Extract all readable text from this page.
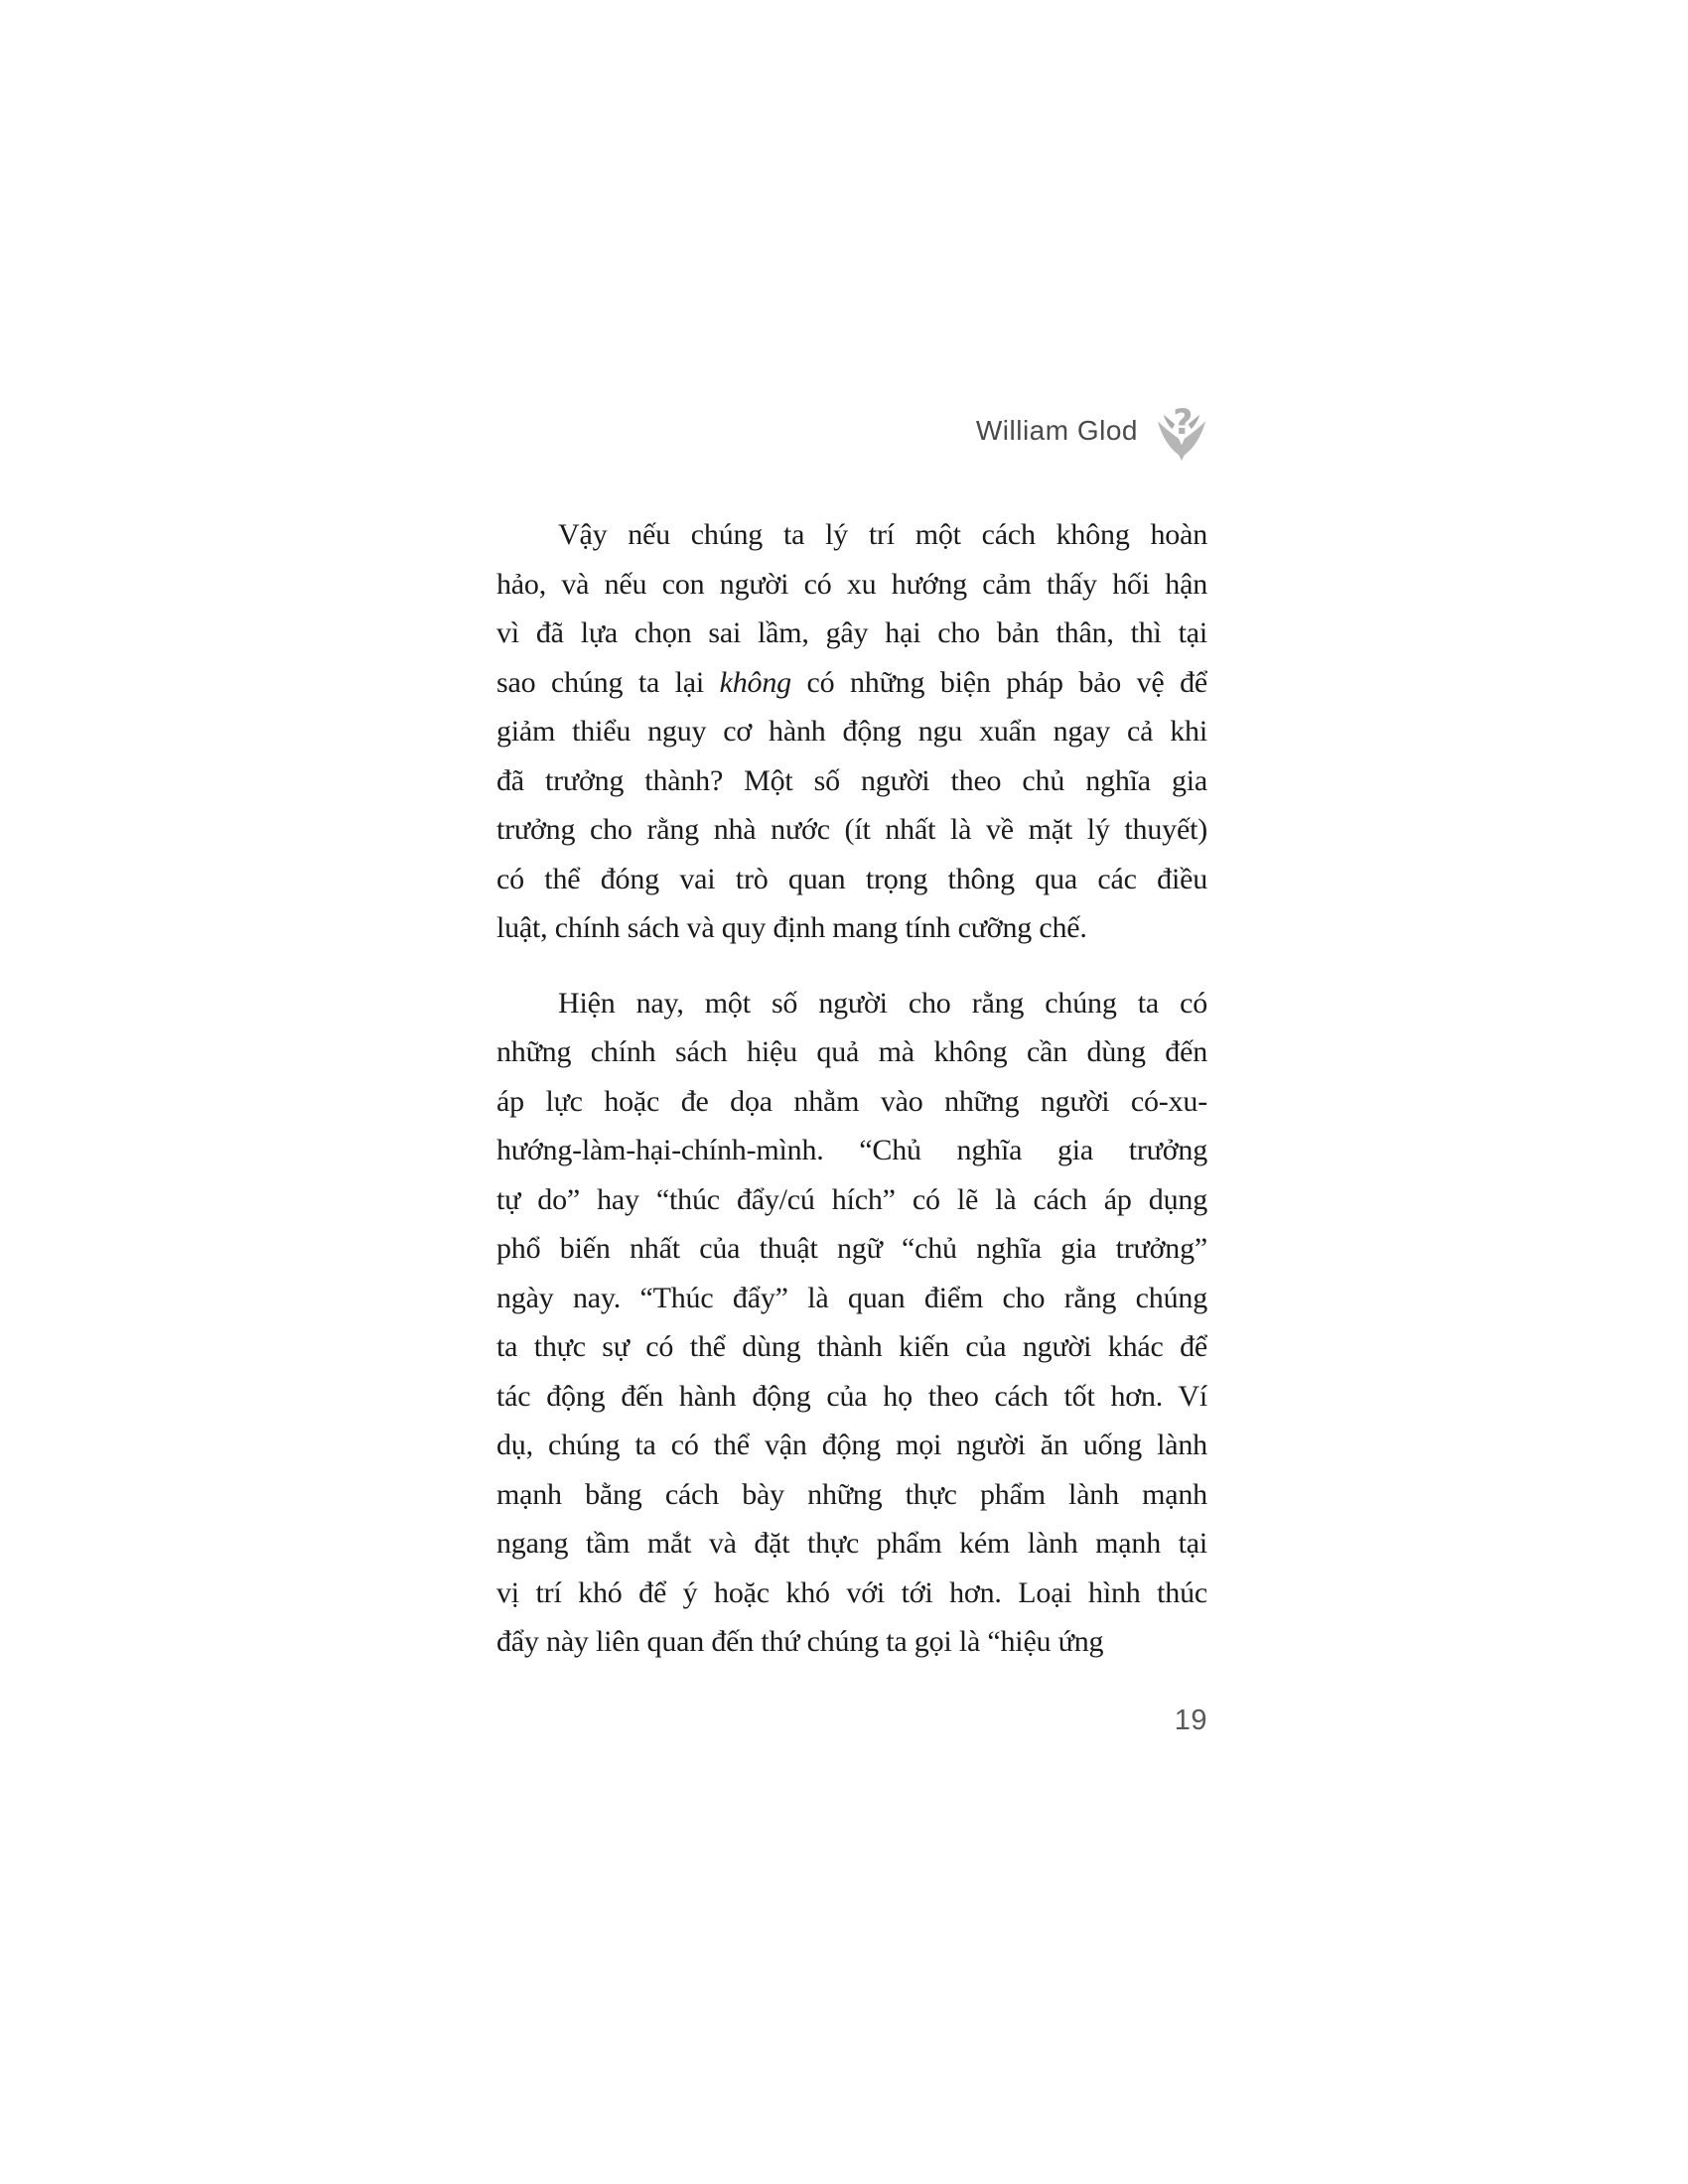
William Glod ?
Vậy nếu chúng ta lý trí một cách không hoàn
hảo, và nếu con người có xu hướng cảm thấy hối hận
vì đã lựa chọn sai lầm, gây hại cho bản thân, thì tại
sao chúng ta lại không có những biện pháp bảo vệ để
giảm thiểu nguy cơ hành động ngu xuẩn ngay cả khi
đã trưởng thành? Một số người theo chủ nghĩa gia
trưởng cho rằng nhà nước (ít nhất là về mặt lý thuyết)
có thể đóng vai trò quan trọng thông qua các điều
luật, chính sách và quy định mang tính cưỡng chế.
Hiện nay, một số người cho rằng chúng ta có
những chính sách hiệu quả mà không cần dùng đến
áp lực hoặc đe dọa nhằm vào những người có-xu-
hướng-làm-hại-chính-mình. “Chủ nghĩa gia trưởng
tự do” hay “thúc đẩy/cú hích” có lẽ là cách áp dụng
phổ biến nhất của thuật ngữ “chủ nghĩa gia trưởng”
ngày nay. “Thúc đẩy” là quan điểm cho rằng chúng
ta thực sự có thể dùng thành kiến của người khác để
tác động đến hành động của họ theo cách tốt hơn. Ví
dụ, chúng ta có thể vận động mọi người ăn uống lành
mạnh bằng cách bày những thực phẩm lành mạnh
ngang tầm mắt và đặt thực phẩm kém lành mạnh tại
vị trí khó để ý hoặc khó với tới hơn. Loại hình thúc
đẩy này liên quan đến thứ chúng ta gọi là “hiệu ứng
19
